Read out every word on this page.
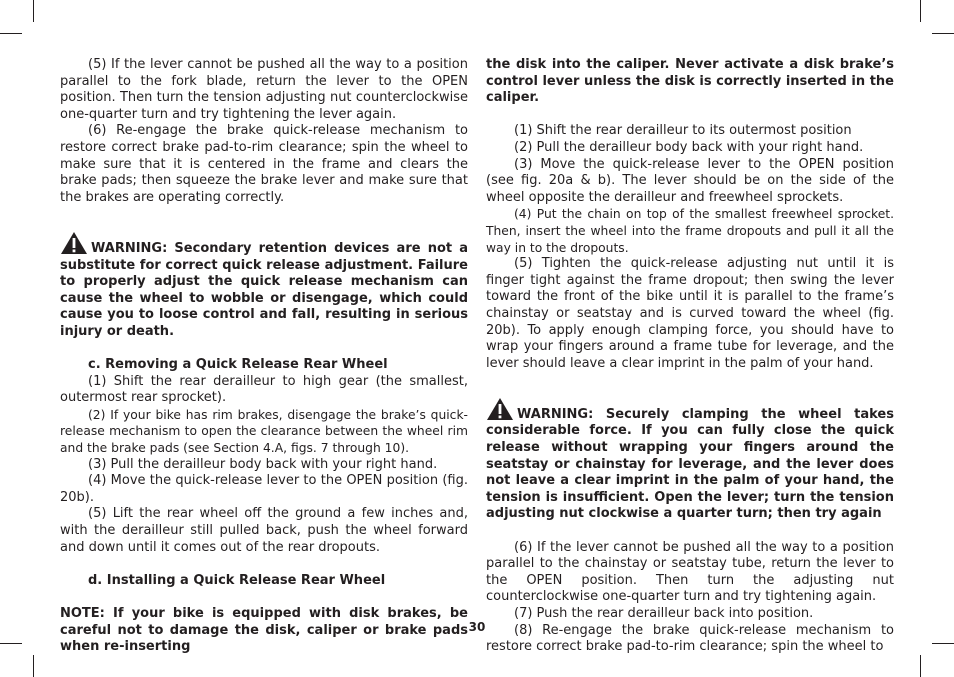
(5) If the lever cannot be pushed all the way to a position parallel to the fork blade, return the lever to the OPEN position. Then turn the tension adjusting nut counterclockwise one-quarter turn and try tightening the lever again.

(6) Re-engage the brake quick-release mechanism to restore correct brake pad-to-rim clearance; spin the wheel to make sure that it is centered in the frame and clears the brake pads; then squeeze the brake lever and make sure that the brakes are operating correctly.

WARNING: Secondary retention devices are not a substitute for correct quick release adjustment. Failure to properly adjust the quick release mechanism can cause the wheel to wobble or disengage, which could cause you to loose control and fall, resulting in serious injury or death.

c. Removing a Quick Release Rear Wheel

(1) Shift the rear derailleur to high gear (the smallest, outermost rear sprocket).

(2) If your bike has rim brakes, disengage the brake’s quick-release mechanism to open the clearance between the wheel rim and the brake pads (see Section 4.A, figs. 7 through 10).

(3) Pull the derailleur body back with your right hand.

(4) Move the quick-release lever to the OPEN position (fig. 20b).

(5) Lift the rear wheel off the ground a few inches and, with the derailleur still pulled back, push the wheel forward and down until it comes out of the rear dropouts.

d. Installing a Quick Release Rear Wheel

NOTE: If your bike is equipped with disk brakes, be careful not to damage the disk, caliper or brake pads when re-inserting

the disk into the caliper. Never activate a disk brake’s control lever unless the disk is correctly inserted in the caliper.

(1) Shift the rear derailleur to its outermost position

(2) Pull the derailleur body back with your right hand.

(3) Move the quick-release lever to the OPEN position (see fig. 20a & b). The lever should be on the side of the wheel opposite the derailleur and freewheel sprockets.

(4) Put the chain on top of the smallest freewheel sprocket. Then, insert the wheel into the frame dropouts and pull it all the way in to the dropouts.

(5) Tighten the quick-release adjusting nut until it is finger tight against the frame dropout; then swing the lever toward the front of the bike until it is parallel to the frame’s chainstay or seatstay and is curved toward the wheel (fig. 20b). To apply enough clamping force, you should have to wrap your fingers around a frame tube for leverage, and the lever should leave a clear imprint in the palm of your hand.

WARNING: Securely clamping the wheel takes considerable force. If you can fully close the quick release without wrapping your fingers around the seatstay or chainstay for leverage, and the lever does not leave a clear imprint in the palm of your hand, the tension is insufficient. Open the lever; turn the tension adjusting nut clockwise a quarter turn; then try again

(6) If the lever cannot be pushed all the way to a position parallel to the chainstay or seatstay tube, return the lever to the OPEN position. Then turn the adjusting nut counterclockwise one-quarter turn and try tightening again.

(7) Push the rear derailleur back into position.

(8) Re-engage the brake quick-release mechanism to restore correct brake pad-to-rim clearance; spin the wheel to

30
